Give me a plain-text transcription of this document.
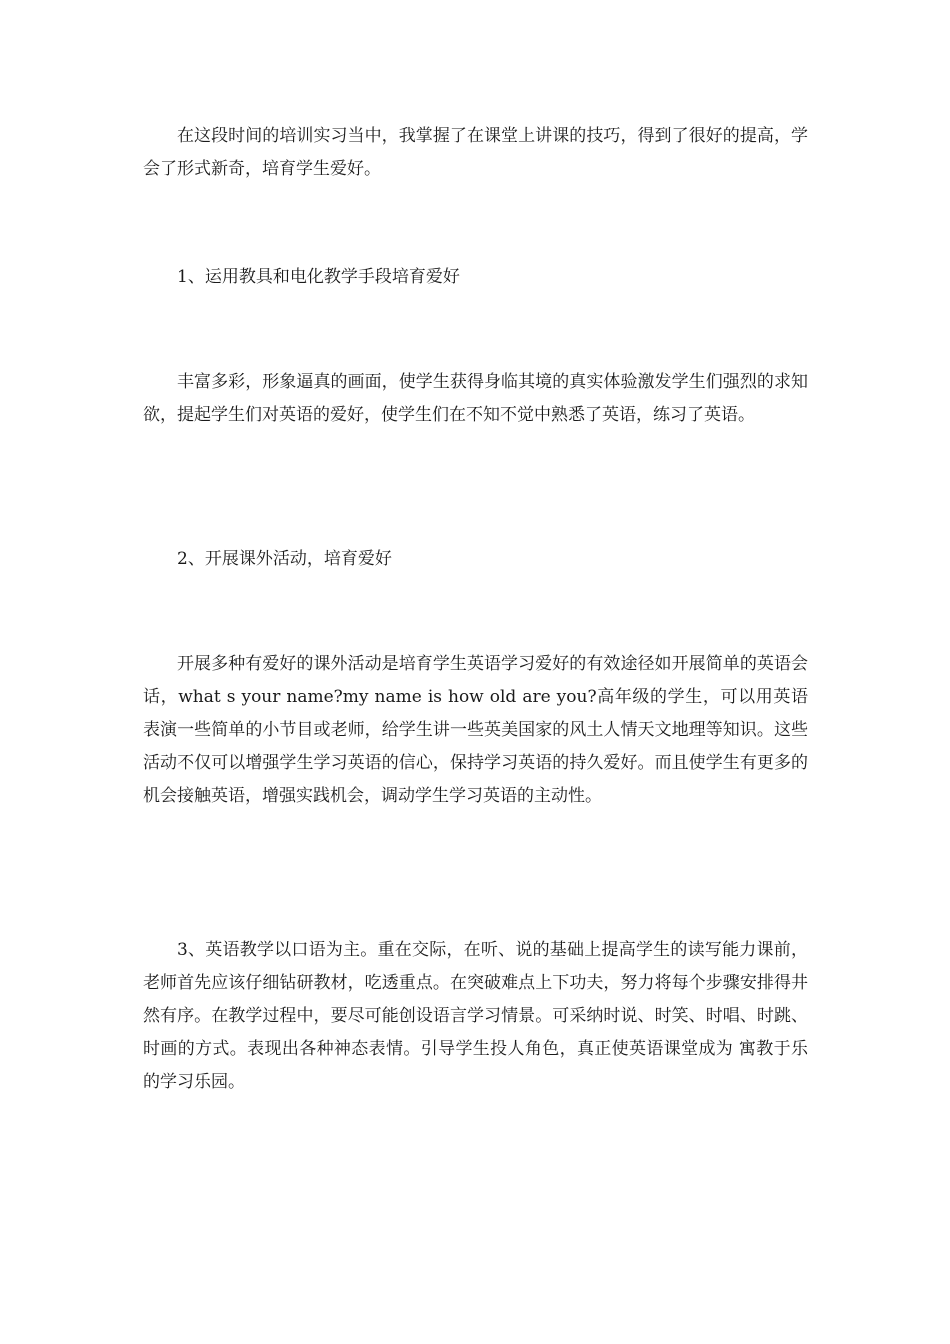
在这段时间的培训实习当中，我掌握了在课堂上讲课的技巧，得到了很好的提高，学会了形式新奇，培育学生爱好。

1、运用教具和电化教学手段培育爱好

丰富多彩，形象逼真的画面，使学生获得身临其境的真实体验激发学生们强烈的求知欲，提起学生们对英语的爱好，使学生们在不知不觉中熟悉了英语，练习了英语。

2、开展课外活动，培育爱好

开展多种有爱好的课外活动是培育学生英语学习爱好的有效途径如开展简单的英语会话，what s your name?my name is how old are you?高年级的学生，可以用英语表演一些简单的小节目或老师，给学生讲一些英美国家的风土人情天文地理等知识。这些活动不仅可以增强学生学习英语的信心，保持学习英语的持久爱好。而且使学生有更多的机会接触英语，增强实践机会，调动学生学习英语的主动性。

3、英语教学以口语为主。重在交际，在听、说的基础上提高学生的读写能力课前，老师首先应该仔细钻研教材，吃透重点。在突破难点上下功夫，努力将每个步骤安排得井然有序。在教学过程中，要尽可能创设语言学习情景。可采纳时说、时笑、时唱、时跳、时画的方式。表现出各种神态表情。引导学生投人角色，真正使英语课堂成为 寓教于乐的学习乐园。
